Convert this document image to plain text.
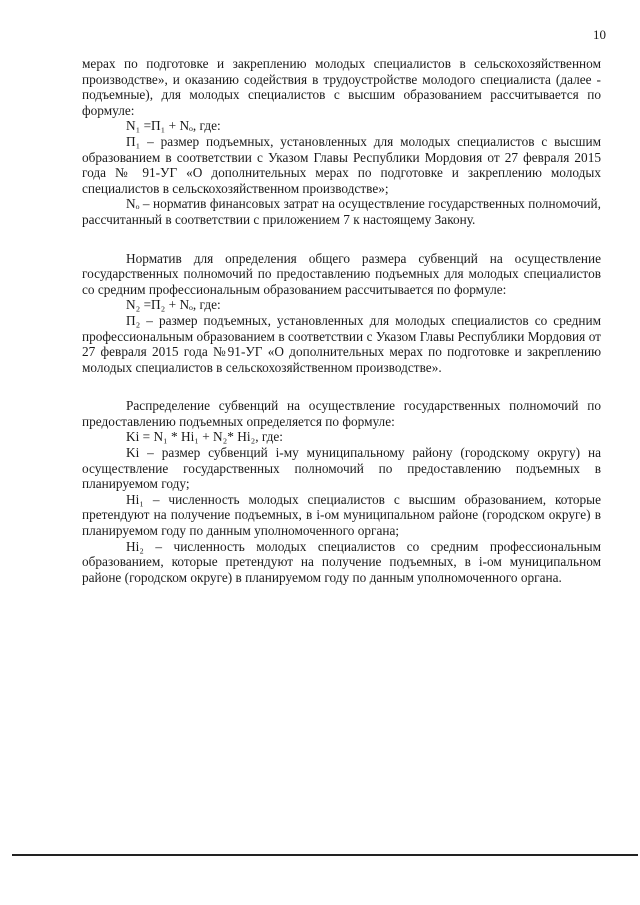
10

мерах по подготовке и закреплению молодых специалистов в сельскохозяйственном производстве», и оказанию содействия в трудоустройстве молодого специалиста (далее - подъемные), для молодых специалистов с высшим образованием рассчитывается по формуле:

N₁ =П₁ + Nₒ, где:

П₁ – размер подъемных, установленных для молодых специалистов с высшим образованием в соответствии с Указом Главы Республики Мордовия от 27 февраля 2015 года № 91-УГ «О дополнительных мерах по подготовке и закреплению молодых специалистов в сельскохозяйственном производстве»;

Nₒ – норматив финансовых затрат на осуществление государственных полномочий, рассчитанный в соответствии с приложением 7 к настоящему Закону.

Норматив для определения общего размера субвенций на осуществление государственных полномочий по предоставлению подъемных для молодых специалистов со средним профессиональным образованием рассчитывается по формуле:

N₂ =П₂ + Nₒ, где:

П₂ – размер подъемных, установленных для молодых специалистов со средним профессиональным образованием в соответствии с Указом Главы Республики Мордовия от 27 февраля 2015 года №91-УГ «О дополнительных мерах по подготовке и закреплению молодых специалистов в сельскохозяйственном производстве».

Распределение субвенций на осуществление государственных полномочий по предоставлению подъемных определяется по формуле:

Ki = N₁ * Hi₁ + N₂* Hi₂, где:

Ki – размер субвенций i-му муниципальному району (городскому округу) на осуществление государственных полномочий по предоставлению подъемных в планируемом году;

Hi₁ – численность молодых специалистов с высшим образованием, которые претендуют на получение подъемных, в i-ом муниципальном районе (городском округе) в планируемом году по данным уполномоченного органа;

Hi₂ – численность молодых специалистов со средним профессиональным образованием, которые претендуют на получение подъемных, в i-ом муниципальном районе (городском округе) в планируемом году по данным уполномоченного органа.
